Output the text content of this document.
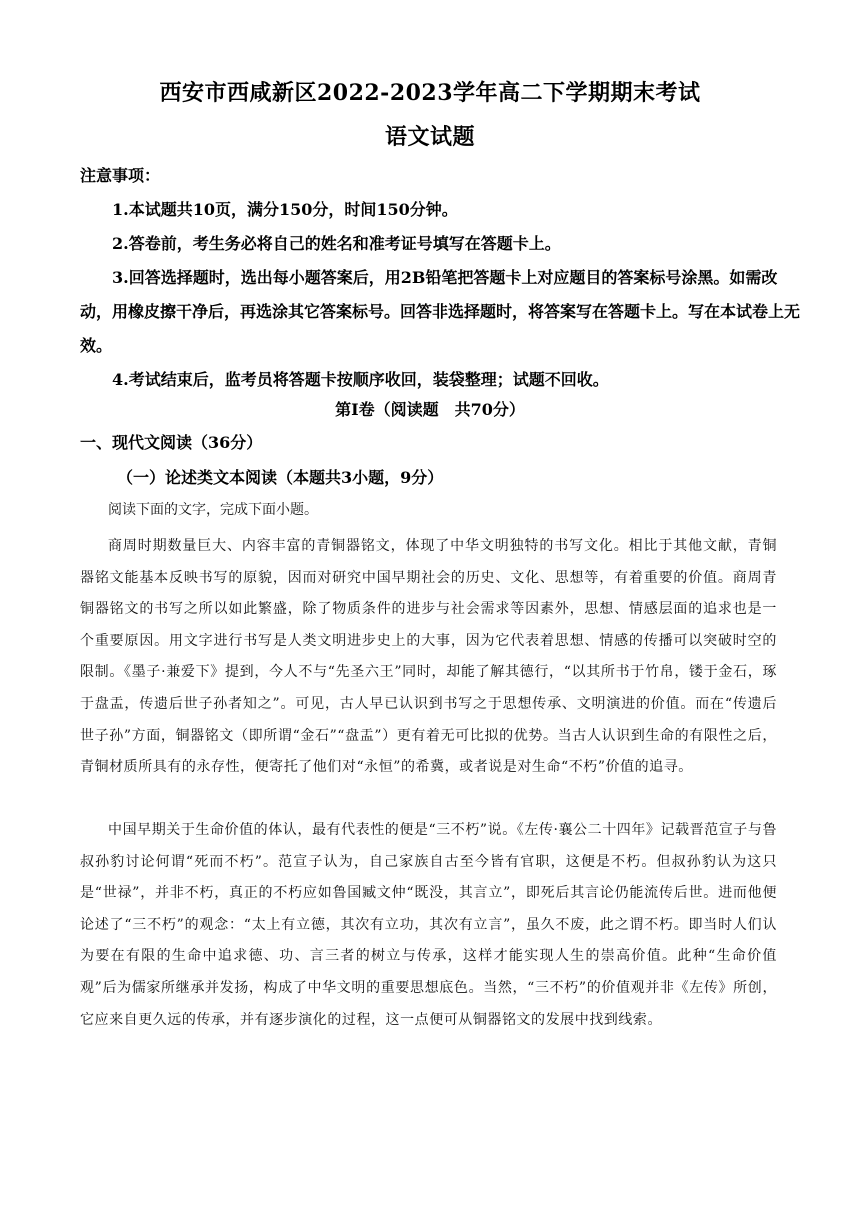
西安市西咸新区2022-2023学年高二下学期期末考试
语文试题
注意事项：
1.本试题共10页，满分150分，时间150分钟。
2.答卷前，考生务必将自己的姓名和准考证号填写在答题卡上。
3.回答选择题时，选出每小题答案后，用2B铅笔把答题卡上对应题目的答案标号涂黑。如需改动，用橡皮擦干净后，再选涂其它答案标号。回答非选择题时，将答案写在答题卡上。写在本试卷上无效。
4.考试结束后，监考员将答题卡按顺序收回，装袋整理；试题不回收。
第Ⅰ卷（阅读题　共70分）
一、现代文阅读（36分）
（一）论述类文本阅读（本题共3小题，9分）
阅读下面的文字，完成下面小题。
商周时期数量巨大、内容丰富的青铜器铭文，体现了中华文明独特的书写文化。相比于其他文献，青铜器铭文能基本反映书写的原貌，因而对研究中国早期社会的历史、文化、思想等，有着重要的价值。商周青铜器铭文的书写之所以如此繁盛，除了物质条件的进步与社会需求等因素外，思想、情感层面的追求也是一个重要原因。用文字进行书写是人类文明进步史上的大事，因为它代表着思想、情感的传播可以突破时空的限制。《墨子·兼爱下》提到，今人不与“先圣六王”同时，却能了解其德行，“以其所书于竹帛，镂于金石，琢于盘盂，传遗后世子孙者知之”。可见，古人早已认识到书写之于思想传承、文明演进的价值。而在“传遗后世子孙”方面，铜器铭文（即所谓“金石”“盘盂”）更有着无可比拟的优势。当古人认识到生命的有限性之后，青铜材质所具有的永存性，便寄托了他们对“永恒”的希冀，或者说是对生命“不朽”价值的追寻。
中国早期关于生命价值的体认，最有代表性的便是“三不朽”说。《左传·襄公二十四年》记载晋范宣子与鲁叔孙豹讨论何谓“死而不朽”。范宣子认为，自己家族自古至今皆有官职，这便是不朽。但叔孙豹认为这只是“世禄”，并非不朽，真正的不朽应如鲁国臧文仲“既没，其言立”，即死后其言论仍能流传后世。进而他便论述了“三不朽”的观念：“太上有立德，其次有立功，其次有立言”，虽久不废，此之谓不朽。即当时人们认为要在有限的生命中追求德、功、言三者的树立与传承，这样才能实现人生的崇高价值。此种“生命价值观”后为儒家所继承并发扬，构成了中华文明的重要思想底色。当然，“三不朽”的价值观并非《左传》所创，它应来自更久远的传承，并有逐步演化的过程，这一点便可从铜器铭文的发展中找到线索。
